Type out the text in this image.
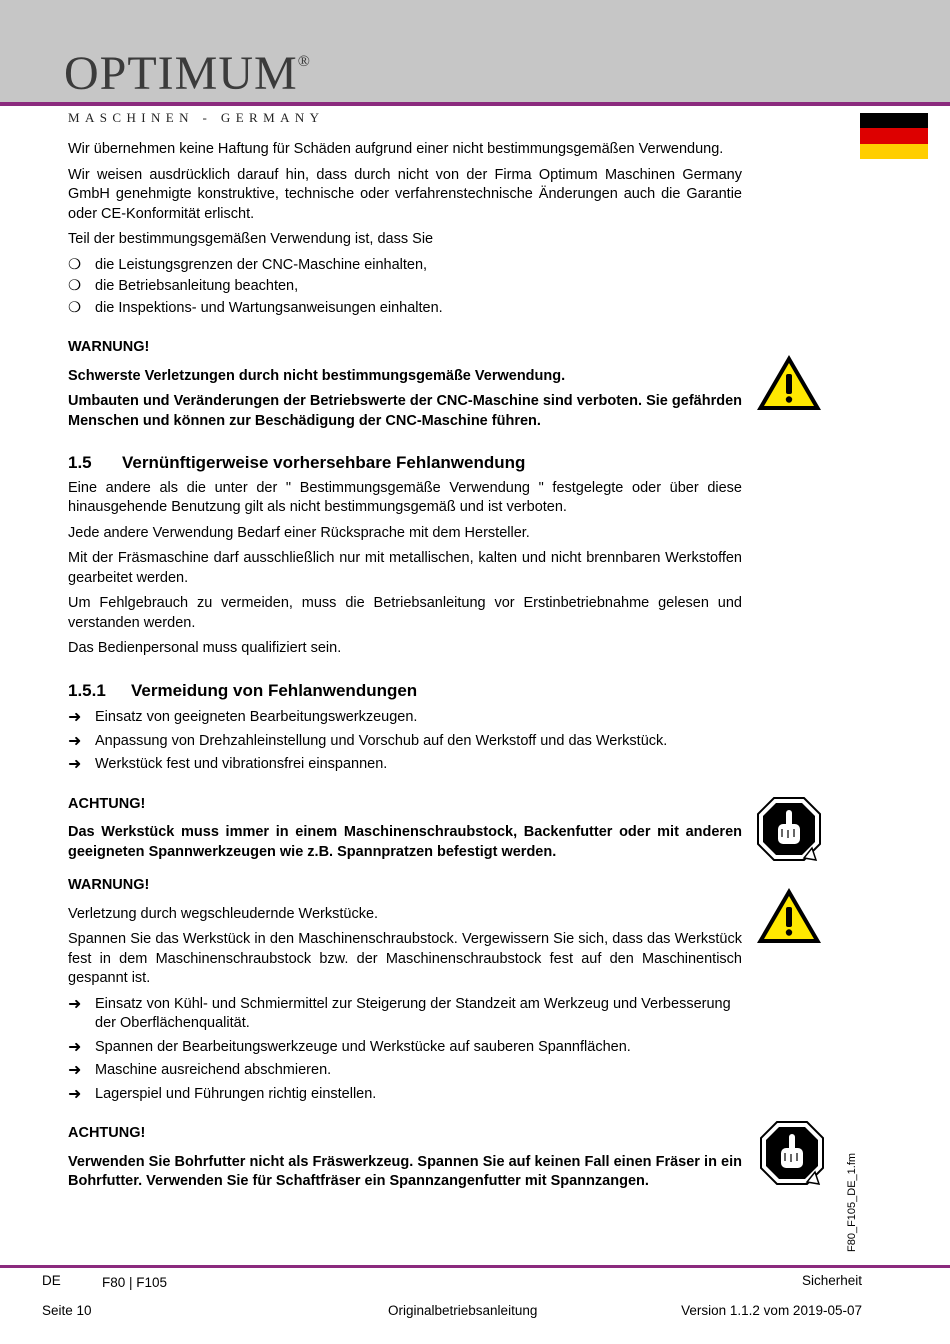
OPTIMUM®
MASCHINEN - GERMANY

Wir übernehmen keine Haftung für Schäden aufgrund einer nicht bestimmungsgemäßen Verwendung.

Wir weisen ausdrücklich darauf hin, dass durch nicht von der Firma Optimum Maschinen Germany GmbH genehmigte konstruktive, technische oder verfahrenstechnische Änderungen auch die Garantie oder CE-Konformität erlischt.

Teil der bestimmungsgemäßen Verwendung ist, dass Sie

❍ die Leistungsgrenzen der CNC-Maschine einhalten,
❍ die Betriebsanleitung beachten,
❍ die Inspektions- und Wartungsanweisungen einhalten.
WARNUNG!

Schwerste Verletzungen durch nicht bestimmungsgemäße Verwendung.

Umbauten und Veränderungen der Betriebswerte der CNC-Maschine sind verboten. Sie gefährden Menschen und können zur Beschädigung der CNC-Maschine führen.

1.5 Vernünftigerweise vorhersehbare Fehlanwendung

Eine andere als die unter der " Bestimmungsgemäße Verwendung " festgelegte oder über diese hinausgehende Benutzung gilt als nicht bestimmungsgemäß und ist verboten.

Jede andere Verwendung Bedarf einer Rücksprache mit dem Hersteller.

Mit der Fräsmaschine darf ausschließlich nur mit metallischen, kalten und nicht brennbaren Werkstoffen gearbeitet werden.

Um Fehlgebrauch zu vermeiden, muss die Betriebsanleitung vor Erstinbetriebnahme gelesen und verstanden werden.

Das Bedienpersonal muss qualifiziert sein.

1.5.1 Vermeidung von Fehlanwendungen
➜ Einsatz von geeigneten Bearbeitungswerkzeugen.
➜ Anpassung von Drehzahleinstellung und Vorschub auf den Werkstoff und das Werkstück.
➜ Werkstück fest und vibrationsfrei einspannen.
ACHTUNG!

Das Werkstück muss immer in einem Maschinenschraubstock, Backenfutter oder mit anderen geeigneten Spannwerkzeugen wie z.B. Spannpratzen befestigt werden.

WARNUNG!

Verletzung durch wegschleudernde Werkstücke.

Spannen Sie das Werkstück in den Maschinenschraubstock. Vergewissern Sie sich, dass das Werkstück fest in dem Maschinenschraubstock bzw. der Maschinenschraubstock fest auf den Maschinentisch gespannt ist.

➜ Einsatz von Kühl- und Schmiermittel zur Steigerung der Standzeit am Werkzeug und Verbesserung der Oberflächenqualität.
➜ Spannen der Bearbeitungswerkzeuge und Werkstücke auf sauberen Spannflächen.
➜ Maschine ausreichend abschmieren.
➜ Lagerspiel und Führungen richtig einstellen.
ACHTUNG!

Verwenden Sie Bohrfutter nicht als Fräswerkzeug. Spannen Sie auf keinen Fall einen Fräser in ein Bohrfutter. Verwenden Sie für Schaftfräser ein Spannzangenfutter mit Spannzangen.	F80_F105_DE_1.fm
DE	F80 | F105	Sicherheit
Seite 10	Originalbetriebsanleitung	Version 1.1.2 vom 2019-05-07
